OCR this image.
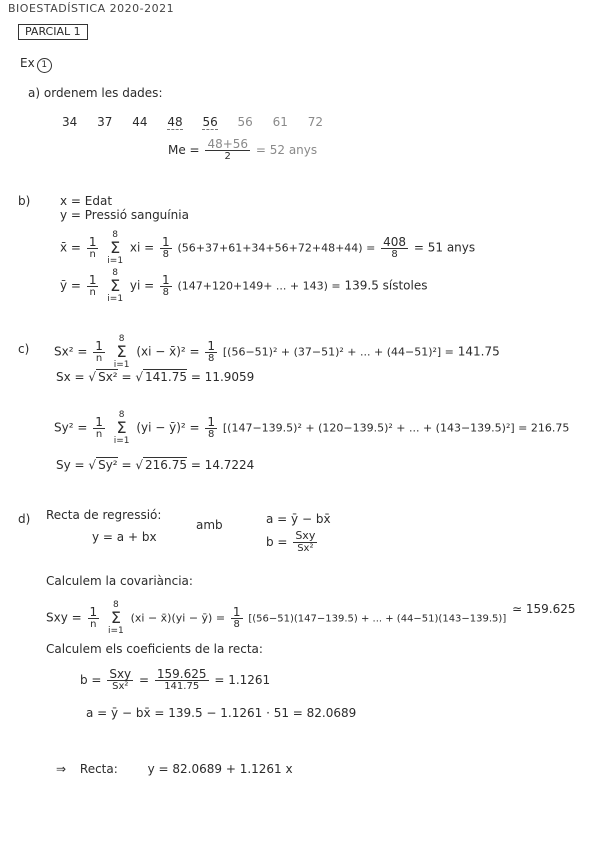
BIOESTADÍSTICA 2020-2021
PARCIAL 1
Ex 1
a) ordenem les dades:
34 37 44 48 56 56 61 72
$Me = \frac{48+56}{2} = 52$ anys
b) x = Edat
y = Pressió sanguínia
x̄ = $\frac{1}{n}$

8
Σ
i=1
xi = $\frac{1}{8} (56+37+61+34+56+72+48+44) = \frac{408}{8} = 51$ anys
ȳ = $\frac{1}{n}$

8
Σ
i=1
yi = $\frac{1}{8} (147+120+149+$ ... + 143) = 139.5 sístoles
c) $Sx^2 = \frac{1}{n}$

8
Σ
i=1
(xi − x̄)² = $\frac{1}{8} [(56-51)^2 + (37-51)^2$ + ... + (44−51)²] = 141.75
Sx = √ Sx² = √ 141.75 = 11.9059
$Sy^2 = \frac{1}{n}$

8
Σ
i=1
(yi − ȳ)² = $\frac{1}{8} [(147-139.5)^2 + (120-139.5)^2$ + ... + (143−139.5)²] = 216.75
Sy = √ Sy² = √ 216.75 = 14.7224
d) Recta de regressió:
y = a + bx
amb	a = ȳ − bx̄
$b = \frac{\text{Sxy}}{\text{Sx²}}$
Calculem la covariància:
Sxy = $\frac{1}{n}$

8
Σ
i=1
(xi − x̄)(yi − ȳ) = $\frac{1}{8} [(56-51)(147-139.5)$ + ... + (44−51)(143−139.5)]
≃ 159.625
Calculem els coeficients de la recta:
$b = \frac{\text{Sxy}}{\text{Sx²}} = \frac{159.625}{141.75} = 1.1261$
a = ȳ − bx̄ = 139.5 − 1.1261 · 51 = 82.0689
⇒ Recta: y = 82.0689 + 1.1261 x
